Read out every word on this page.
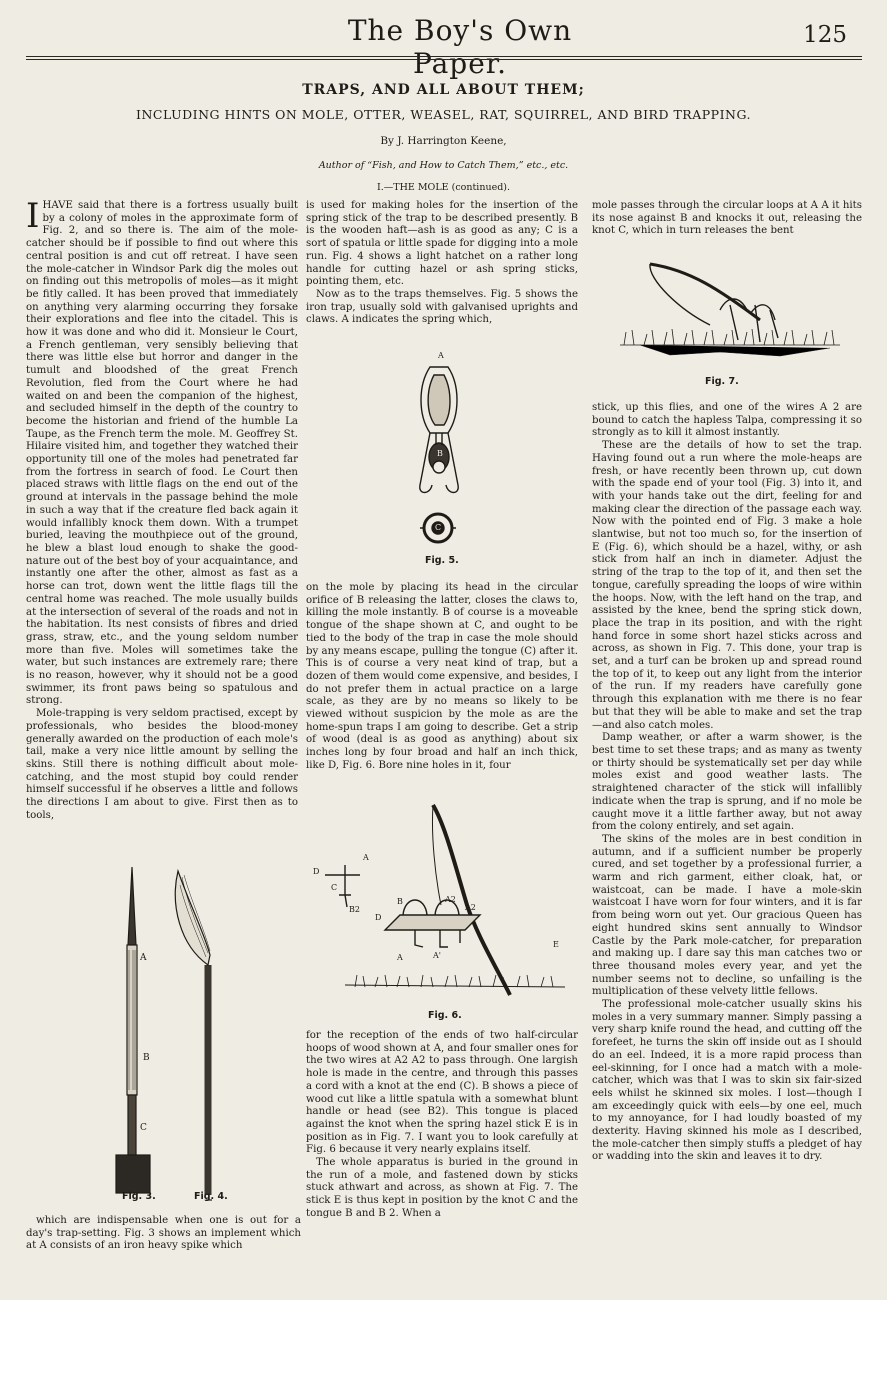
The Boy's Own Paper.
125
TRAPS, AND ALL ABOUT THEM;
INCLUDING HINTS ON MOLE, OTTER, WEASEL, RAT, SQUIRREL, AND BIRD TRAPPING.
By J. Harrington Keene,
Author of “Fish, and How to Catch Them,” etc., etc.
I.—THE MOLE (continued).

IHAVE said that there is a fortress usually built by a colony of moles in the approximate form of Fig. 2, and so there is. The aim of the mole-catcher should be if possible to find out where this central position is and cut off retreat. I have seen the mole-catcher in Windsor Park dig the moles out on finding out this metropolis of moles—as it might be fitly called. It has been proved that immediately on anything very alarming occurring they forsake their explorations and flee into the citadel. This is how it was done and who did it. Monsieur le Court, a French gentleman, very sensibly believing that there was little else but horror and danger in the tumult and bloodshed of the great French Revolution, fled from the Court where he had waited on and been the companion of the highest, and secluded himself in the depth of the country to become the historian and friend of the humble La Taupe, as the French term the mole. M. Geoffrey St. Hilaire visited him, and together they watched their opportunity till one of the moles had penetrated far from the fortress in search of food. Le Court then placed straws with little flags on the end out of the ground at intervals in the passage behind the mole in such a way that if the creature fled back again it would infallibly knock them down. With a trumpet buried, leaving the mouthpiece out of the ground, he blew a blast loud enough to shake the good-nature out of the best boy of your acquaintance, and instantly one after the other, almost as fast as a horse can trot, down went the little flags till the central home was reached. The mole usually builds at the intersection of several of the roads and not in the habitation. Its nest consists of fibres and dried grass, straw, etc., and the young seldom number more than five. Moles will sometimes take the water, but such instances are extremely rare; there is no reason, however, why it should not be a good swimmer, its front paws being so spatulous and strong.

Mole-trapping is very seldom practised, except by professionals, who besides the blood-money generally awarded on the production of each mole's tail, make a very nice little amount by selling the skins. Still there is nothing difficult about mole-catching, and the most stupid boy could render himself successful if he observes a little and follows the directions I am about to give. First then as to tools,

A
B
C
Fig. 3.	Fig. 4.

which are indispensable when one is out for a day's trap-setting. Fig. 3 shows an implement which at A consists of an iron heavy spike which

is used for making holes for the insertion of the spring stick of the trap to be described presently. B is the wooden haft—ash is as good as any; C is a sort of spatula or little spade for digging into a mole run. Fig. 4 shows a light hatchet on a rather long handle for cutting hazel or ash spring sticks, pointing them, etc.

Now as to the traps themselves. Fig. 5 shows the iron trap, usually sold with galvanised uprights and claws. A indicates the spring which,

A
B
C
Fig. 5.

on the mole by placing its head in the circular orifice of B releasing the latter, closes the claws to, killing the mole instantly. B of course is a moveable tongue of the shape shown at C, and ought to be tied to the body of the trap in case the mole should by any means escape, pulling the tongue (C) after it. This is of course a very neat kind of trap, but a dozen of them would come expensive, and besides, I do not prefer them in actual practice on a large scale, as they are by no means so likely to be viewed without suspicion by the mole as are the home-spun traps I am going to describe. Get a strip of wood (deal is as good as anything) about six inches long by four broad and half an inch thick, like D, Fig. 6. Bore nine holes in it, four

D
A
C
B2
D
B	A2
A2
A	A'
E
Fig. 6.

for the reception of the ends of two half-circular hoops of wood shown at A, and four smaller ones for the two wires at A2 A2 to pass through. One largish hole is made in the centre, and through this passes a cord with a knot at the end (C). B shows a piece of wood cut like a little spatula with a somewhat blunt handle or head (see B2). This tongue is placed against the knot when the spring hazel stick E is in position as in Fig. 7. I want you to look carefully at Fig. 6 because it very nearly explains itself.

The whole apparatus is buried in the ground in the run of a mole, and fastened down by sticks stuck athwart and across, as shown at Fig. 7. The stick E is thus kept in position by the knot C and the tongue B and B 2. When a

mole passes through the circular loops at A A it hits its nose against B and knocks it out, releasing the knot C, which in turn releases the bent

Fig. 7.

stick, up this flies, and one of the wires A 2 are bound to catch the hapless Talpa, compressing it so strongly as to kill it almost instantly.

These are the details of how to set the trap. Having found out a run where the mole-heaps are fresh, or have recently been thrown up, cut down with the spade end of your tool (Fig. 3) into it, and with your hands take out the dirt, feeling for and making clear the direction of the passage each way. Now with the pointed end of Fig. 3 make a hole slantwise, but not too much so, for the insertion of E (Fig. 6), which should be a hazel, withy, or ash stick from half an inch in diameter. Adjust the string of the trap to the top of it, and then set the tongue, carefully spreading the loops of wire within the hoops. Now, with the left hand on the trap, and assisted by the knee, bend the spring stick down, place the trap in its position, and with the right hand force in some short hazel sticks across and across, as shown in Fig. 7. This done, your trap is set, and a turf can be broken up and spread round the top of it, to keep out any light from the interior of the run. If my readers have carefully gone through this explanation with me there is no fear but that they will be able to make and set the trap—and also catch moles.

Damp weather, or after a warm shower, is the best time to set these traps; and as many as twenty or thirty should be systematically set per day while moles exist and good weather lasts. The straightened character of the stick will infallibly indicate when the trap is sprung, and if no mole be caught move it a little farther away, but not away from the colony entirely, and set again.

The skins of the moles are in best condition in autumn, and if a sufficient number be properly cured, and set together by a professional furrier, a warm and rich garment, either cloak, hat, or waistcoat, can be made. I have a mole-skin waistcoat I have worn for four winters, and it is far from being worn out yet. Our gracious Queen has eight hundred skins sent annually to Windsor Castle by the Park mole-catcher, for preparation and making up. I dare say this man catches two or three thousand moles every year, and yet the number seems not to decline, so unfailing is the multiplication of these velvety little fellows.

The professional mole-catcher usually skins his moles in a very summary manner. Simply passing a very sharp knife round the head, and cutting off the forefeet, he turns the skin off inside out as I should do an eel. Indeed, it is a more rapid process than eel-skinning, for I once had a match with a mole-catcher, which was that I was to skin six fair-sized eels whilst he skinned six moles. I lost—though I am exceedingly quick with eels—by one eel, much to my annoyance, for I had loudly boasted of my dexterity. Having skinned his mole as I described, the mole-catcher then simply stuffs a pledget of hay or wadding into the skin and leaves it to dry.
